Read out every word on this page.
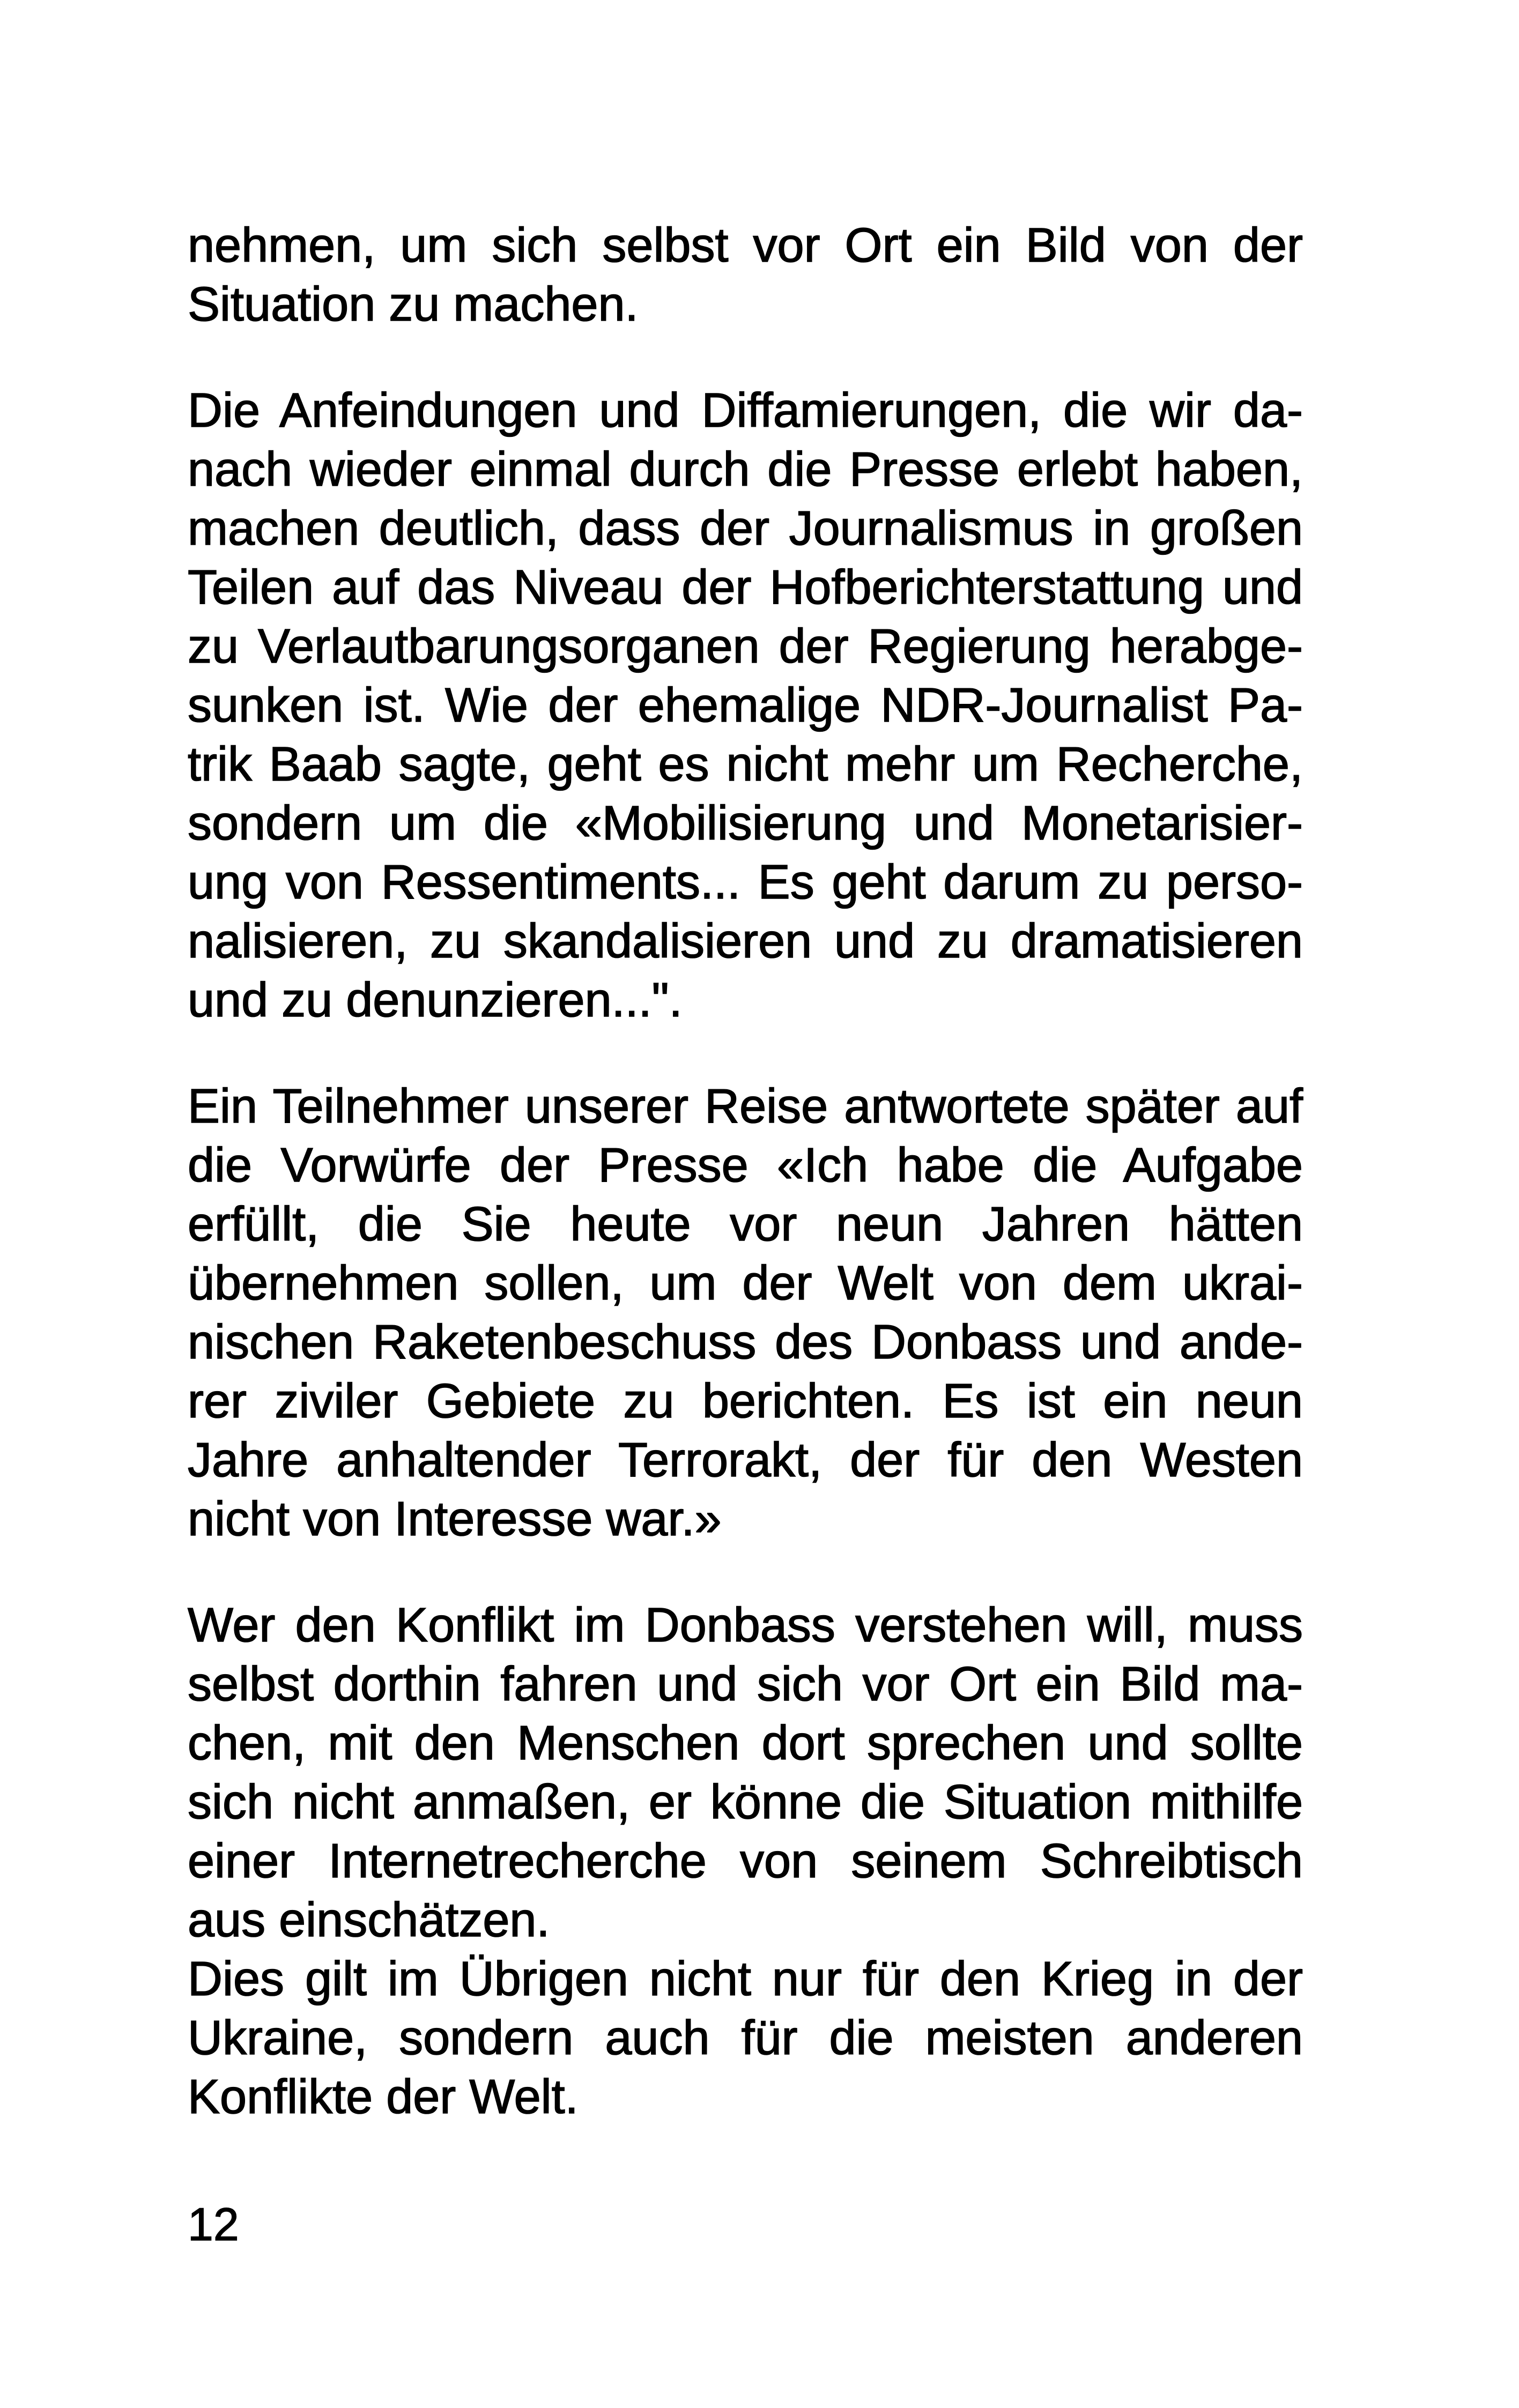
nehmen, um sich selbst vor Ort ein Bild von der
Situation zu machen.
Die Anfeindungen und Diffamierungen, die wir da-
nach wieder einmal durch die Presse erlebt haben,
machen deutlich, dass der Journalismus in großen
Teilen auf das Niveau der Hofberichterstattung und
zu Verlautbarungsorganen der Regierung herabge-
sunken ist. Wie der ehemalige NDR-Journalist Pa-
trik Baab sagte, geht es nicht mehr um Recherche,
sondern um die «Mobilisierung und Monetarisier-
ung von Ressentiments... Es geht darum zu perso-
nalisieren, zu skandalisieren und zu dramatisieren
und zu denunzieren...".
Ein Teilnehmer unserer Reise antwortete später auf
die Vorwürfe der Presse «Ich habe die Aufgabe
erfüllt, die Sie heute vor neun Jahren hätten
übernehmen sollen, um der Welt von dem ukrai-
nischen Raketenbeschuss des Donbass und ande-
rer ziviler Gebiete zu berichten. Es ist ein neun
Jahre anhaltender Terrorakt, der für den Westen
nicht von Interesse war.»
Wer den Konflikt im Donbass verstehen will, muss
selbst dorthin fahren und sich vor Ort ein Bild ma-
chen, mit den Menschen dort sprechen und sollte
sich nicht anmaßen, er könne die Situation mithilfe
einer Internetrecherche von seinem Schreibtisch
aus einschätzen.
Dies gilt im Übrigen nicht nur für den Krieg in der
Ukraine, sondern auch für die meisten anderen
Konflikte der Welt.
12
